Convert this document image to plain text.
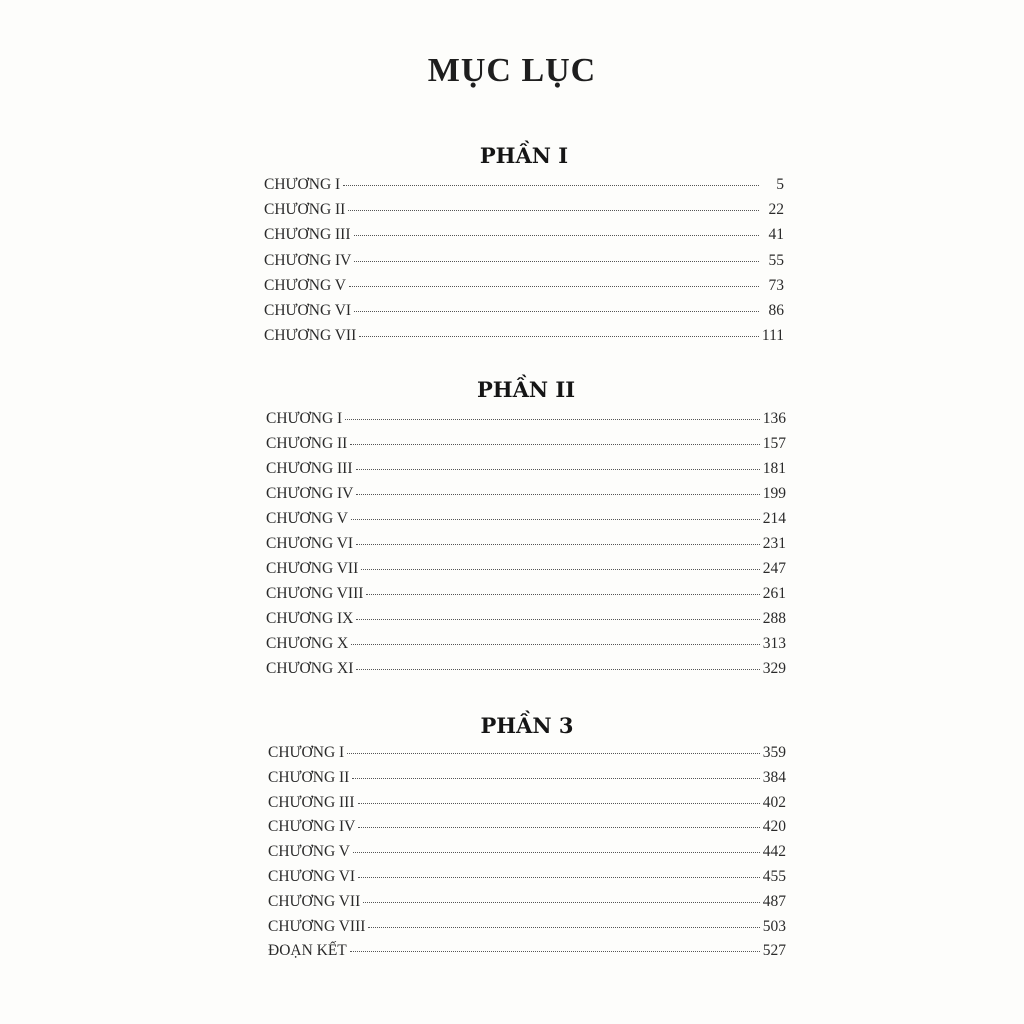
MỤC LỤC
PHẦN I
CHƯƠNG I	5
CHƯƠNG II	22
CHƯƠNG III	41
CHƯƠNG IV	55
CHƯƠNG V	73
CHƯƠNG VI	86
CHƯƠNG VII	111
PHẦN II
CHƯƠNG I	136
CHƯƠNG II	157
CHƯƠNG III	181
CHƯƠNG IV	199
CHƯƠNG V	214
CHƯƠNG VI	231
CHƯƠNG VII	247
CHƯƠNG VIII	261
CHƯƠNG IX	288
CHƯƠNG X	313
CHƯƠNG XI	329
PHẦN 3
CHƯƠNG I	359
CHƯƠNG II	384
CHƯƠNG III	402
CHƯƠNG IV	420
CHƯƠNG V	442
CHƯƠNG VI	455
CHƯƠNG VII	487
CHƯƠNG VIII	503
ĐOẠN KẾT	527
